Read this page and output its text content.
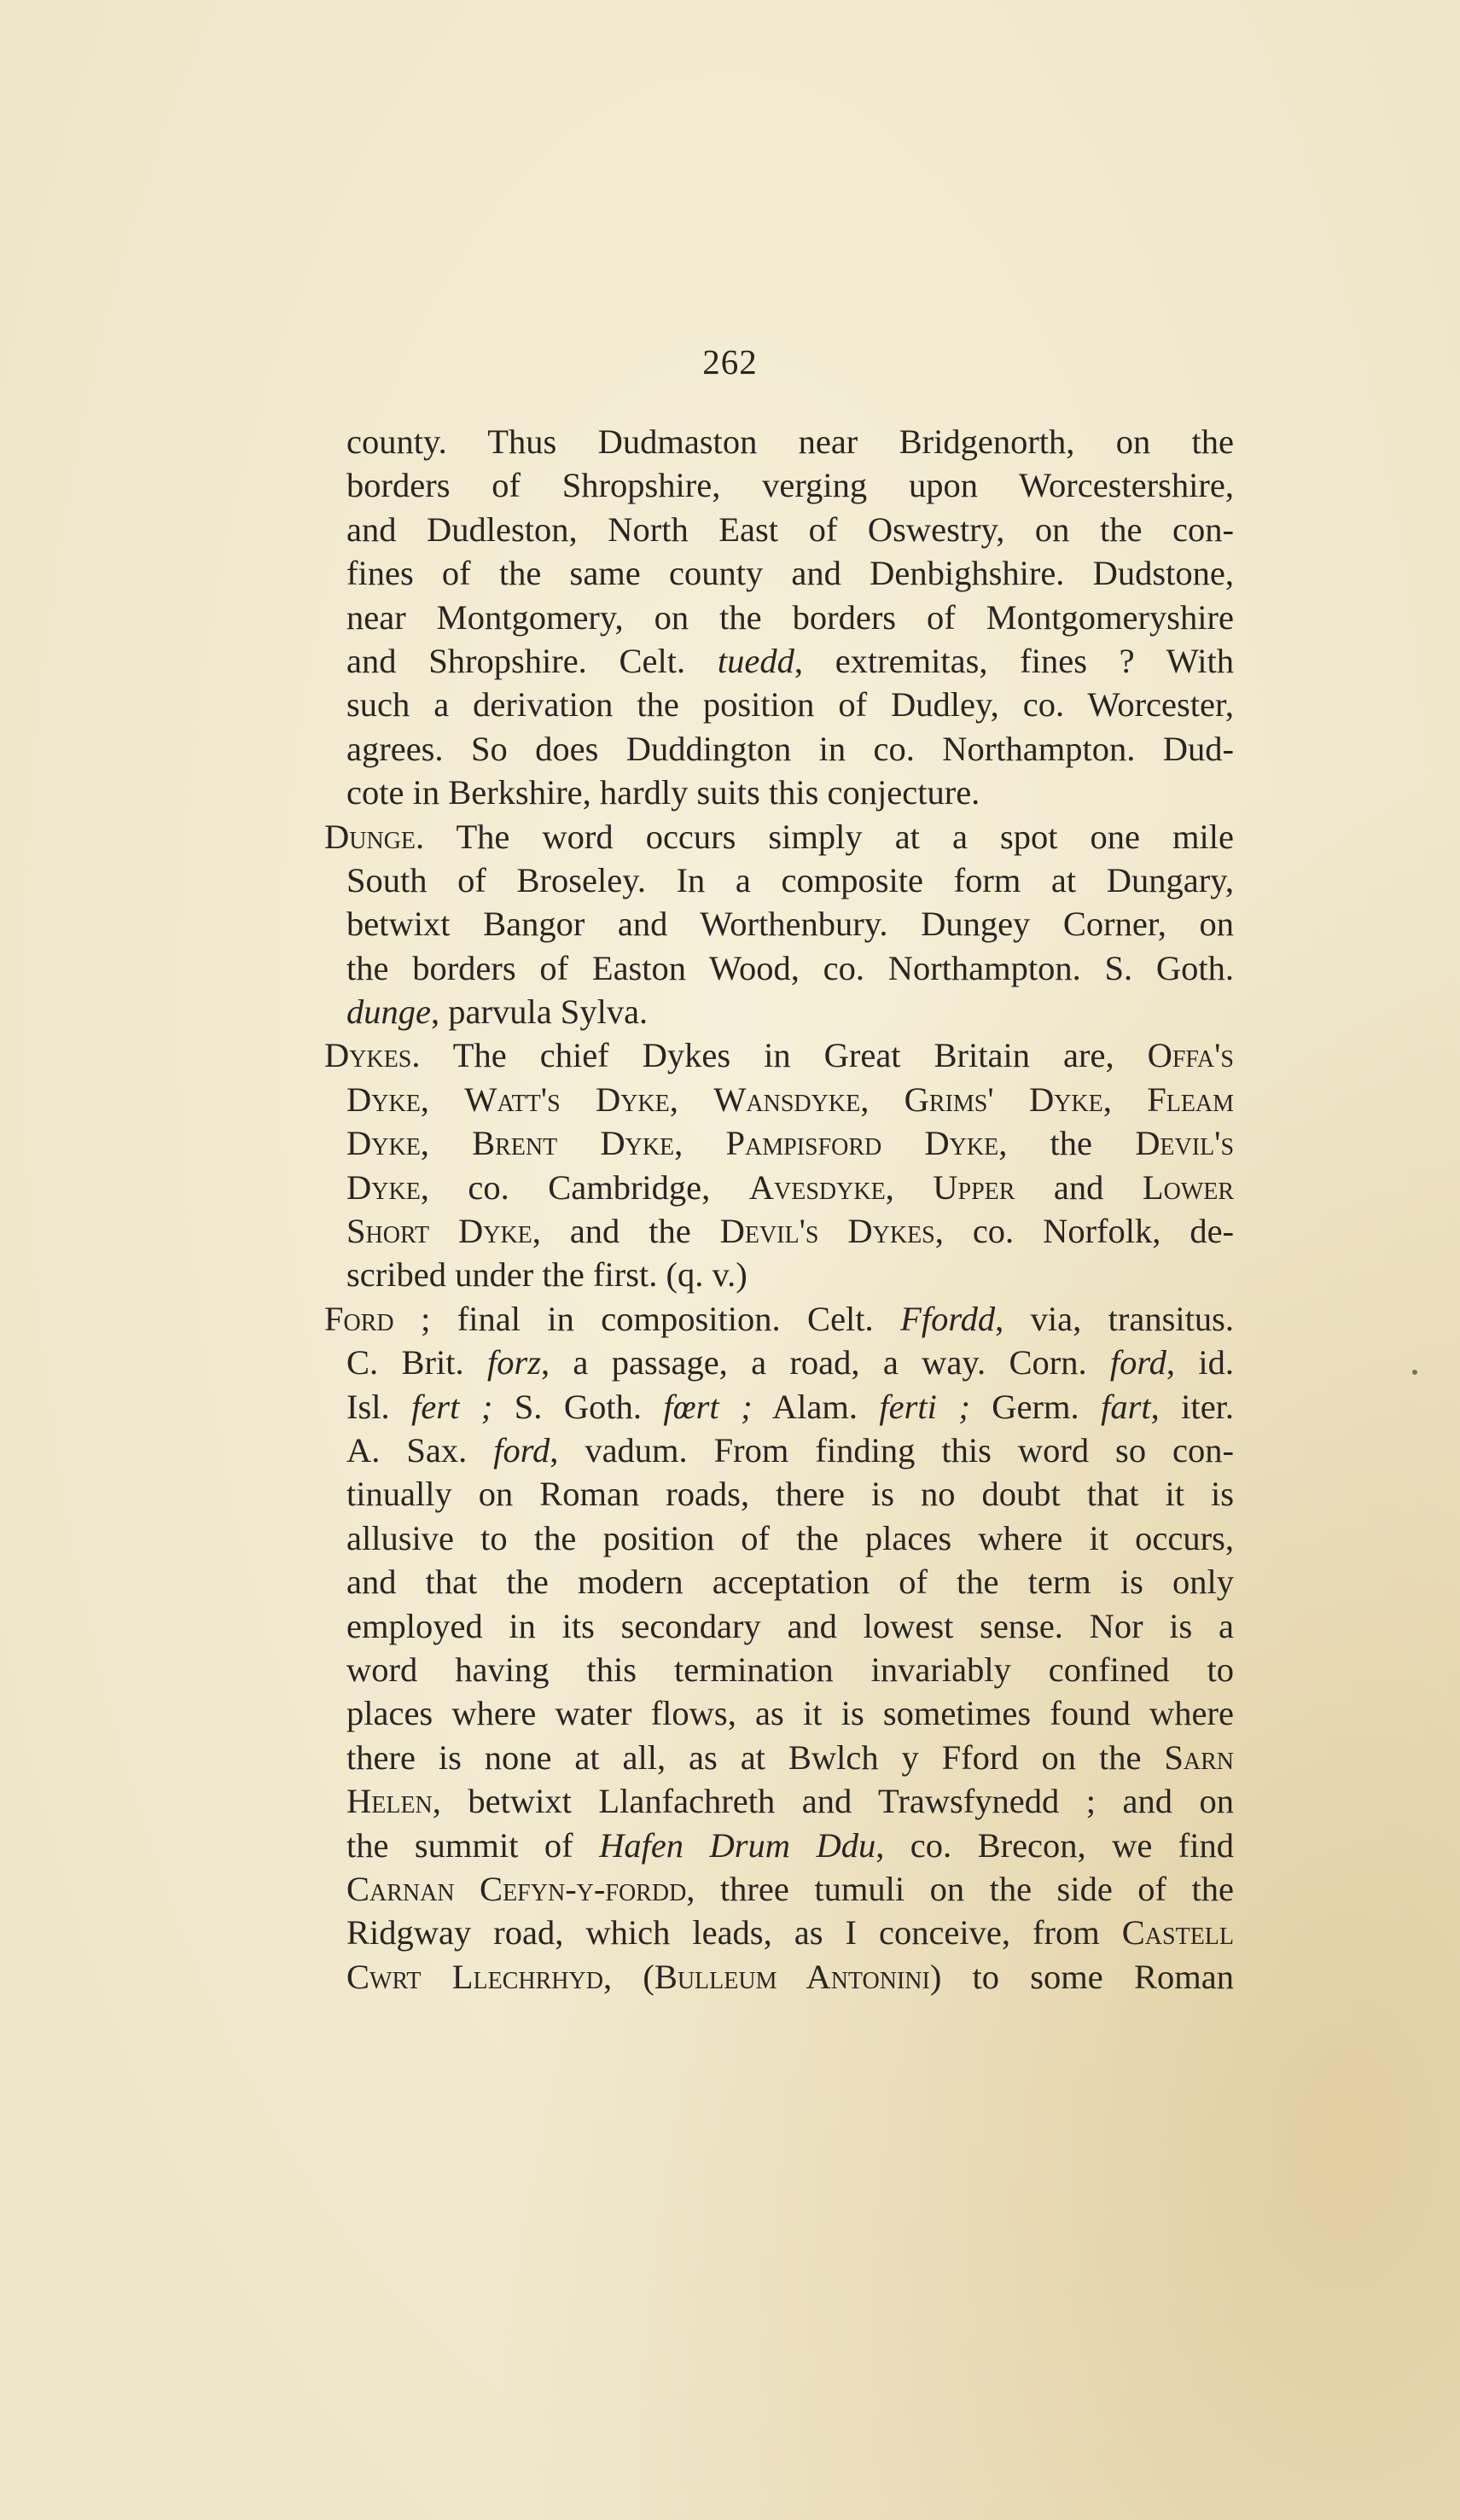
262
county. Thus Dudmaston near Bridgenorth, on the
borders of Shropshire, verging upon Worcestershire,
and Dudleston, North East of Oswestry, on the con-
fines of the same county and Denbighshire. Dudstone,
near Montgomery, on the borders of Montgomeryshire
and Shropshire. Celt. tuedd, extremitas, fines ? With
such a derivation the position of Dudley, co. Worcester,
agrees. So does Duddington in co. Northampton. Dud-
cote in Berkshire, hardly suits this conjecture.
Dunge. The word occurs simply at a spot one mile
South of Broseley. In a composite form at Dungary,
betwixt Bangor and Worthenbury. Dungey Corner, on
the borders of Easton Wood, co. Northampton. S. Goth.
dunge, parvula Sylva.
Dykes. The chief Dykes in Great Britain are, Offa's
Dyke, Watt's Dyke, Wansdyke, Grims' Dyke, Fleam
Dyke, Brent Dyke, Pampisford Dyke, the Devil's
Dyke, co. Cambridge, Avesdyke, Upper and Lower
Short Dyke, and the Devil's Dykes, co. Norfolk, de-
scribed under the first. (q. v.)
Ford ; final in composition. Celt. Ffordd, via, transitus.
C. Brit. forz, a passage, a road, a way. Corn. ford, id.
Isl. fert ; S. Goth. fœrt ; Alam. ferti ; Germ. fart, iter.
A. Sax. ford, vadum. From finding this word so con-
tinually on Roman roads, there is no doubt that it is
allusive to the position of the places where it occurs,
and that the modern acceptation of the term is only
employed in its secondary and lowest sense. Nor is a
word having this termination invariably confined to
places where water flows, as it is sometimes found where
there is none at all, as at Bwlch y Fford on the Sarn
Helen, betwixt Llanfachreth and Trawsfynedd ; and on
the summit of Hafen Drum Ddu, co. Brecon, we find
Carnan Cefyn-y-fordd, three tumuli on the side of the
Ridgway road, which leads, as I conceive, from Castell
Cwrt Llechrhyd, (Bulleum Antonini) to some Roman
